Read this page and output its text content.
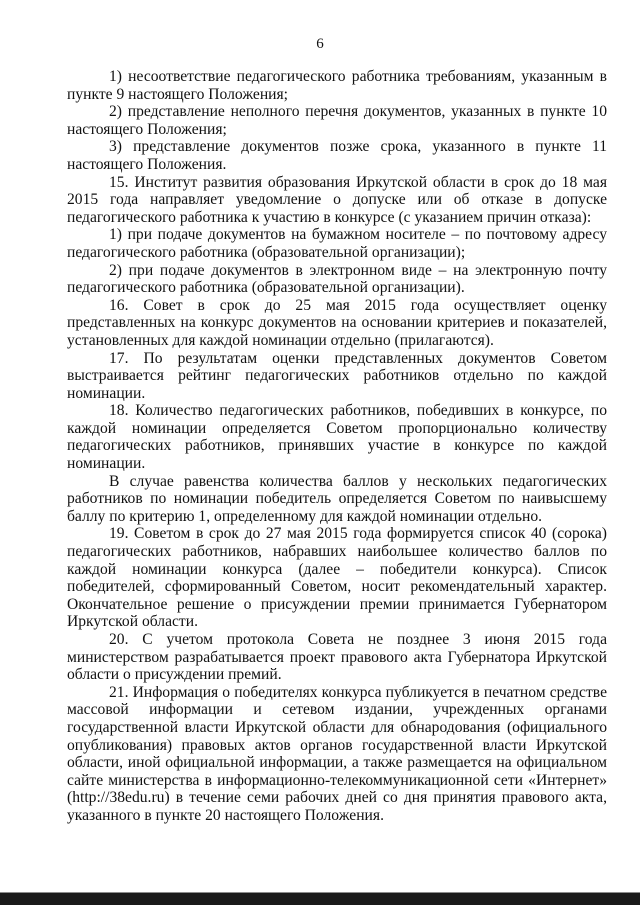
6

1) несоответствие педагогического работника требованиям, указанным в пункте 9 настоящего Положения;

2) представление неполного перечня документов, указанных в пункте 10 настоящего Положения;

3) представление документов позже срока, указанного в пункте 11 настоящего Положения.

15. Институт развития образования Иркутской области в срок до 18 мая 2015 года направляет уведомление о допуске или об отказе в допуске педагогического работника к участию в конкурсе (с указанием причин отказа):

1) при подаче документов на бумажном носителе – по почтовому адресу педагогического работника (образовательной организации);

2) при подаче документов в электронном виде – на электронную почту педагогического работника (образовательной организации).

16. Совет в срок до 25 мая 2015 года осуществляет оценку представленных на конкурс документов на основании критериев и показателей, установленных для каждой номинации отдельно (прилагаются).

17. По результатам оценки представленных документов Советом выстраивается рейтинг педагогических работников отдельно по каждой номинации.

18. Количество педагогических работников, победивших в конкурсе, по каждой номинации определяется Советом пропорционально количеству педагогических работников, принявших участие в конкурсе по каждой номинации.

В случае равенства количества баллов у нескольких педагогических работников по номинации победитель определяется Советом по наивысшему баллу по критерию 1, определенному для каждой номинации отдельно.

19. Советом в срок до 27 мая 2015 года формируется список 40 (сорока) педагогических работников, набравших наибольшее количество баллов по каждой номинации конкурса (далее – победители конкурса). Список победителей, сформированный Советом, носит рекомендательный характер. Окончательное решение о присуждении премии принимается Губернатором Иркутской области.

20. С учетом протокола Совета не позднее 3 июня 2015 года министерством разрабатывается проект правового акта Губернатора Иркутской области о присуждении премий.

21. Информация о победителях конкурса публикуется в печатном средстве массовой информации и сетевом издании, учрежденных органами государственной власти Иркутской области для обнародования (официального опубликования) правовых актов органов государственной власти Иркутской области, иной официальной информации, а также размещается на официальном сайте министерства в информационно-телекоммуникационной сети «Интернет» (http://38edu.ru) в течение семи рабочих дней со дня принятия правового акта, указанного в пункте 20 настоящего Положения.
